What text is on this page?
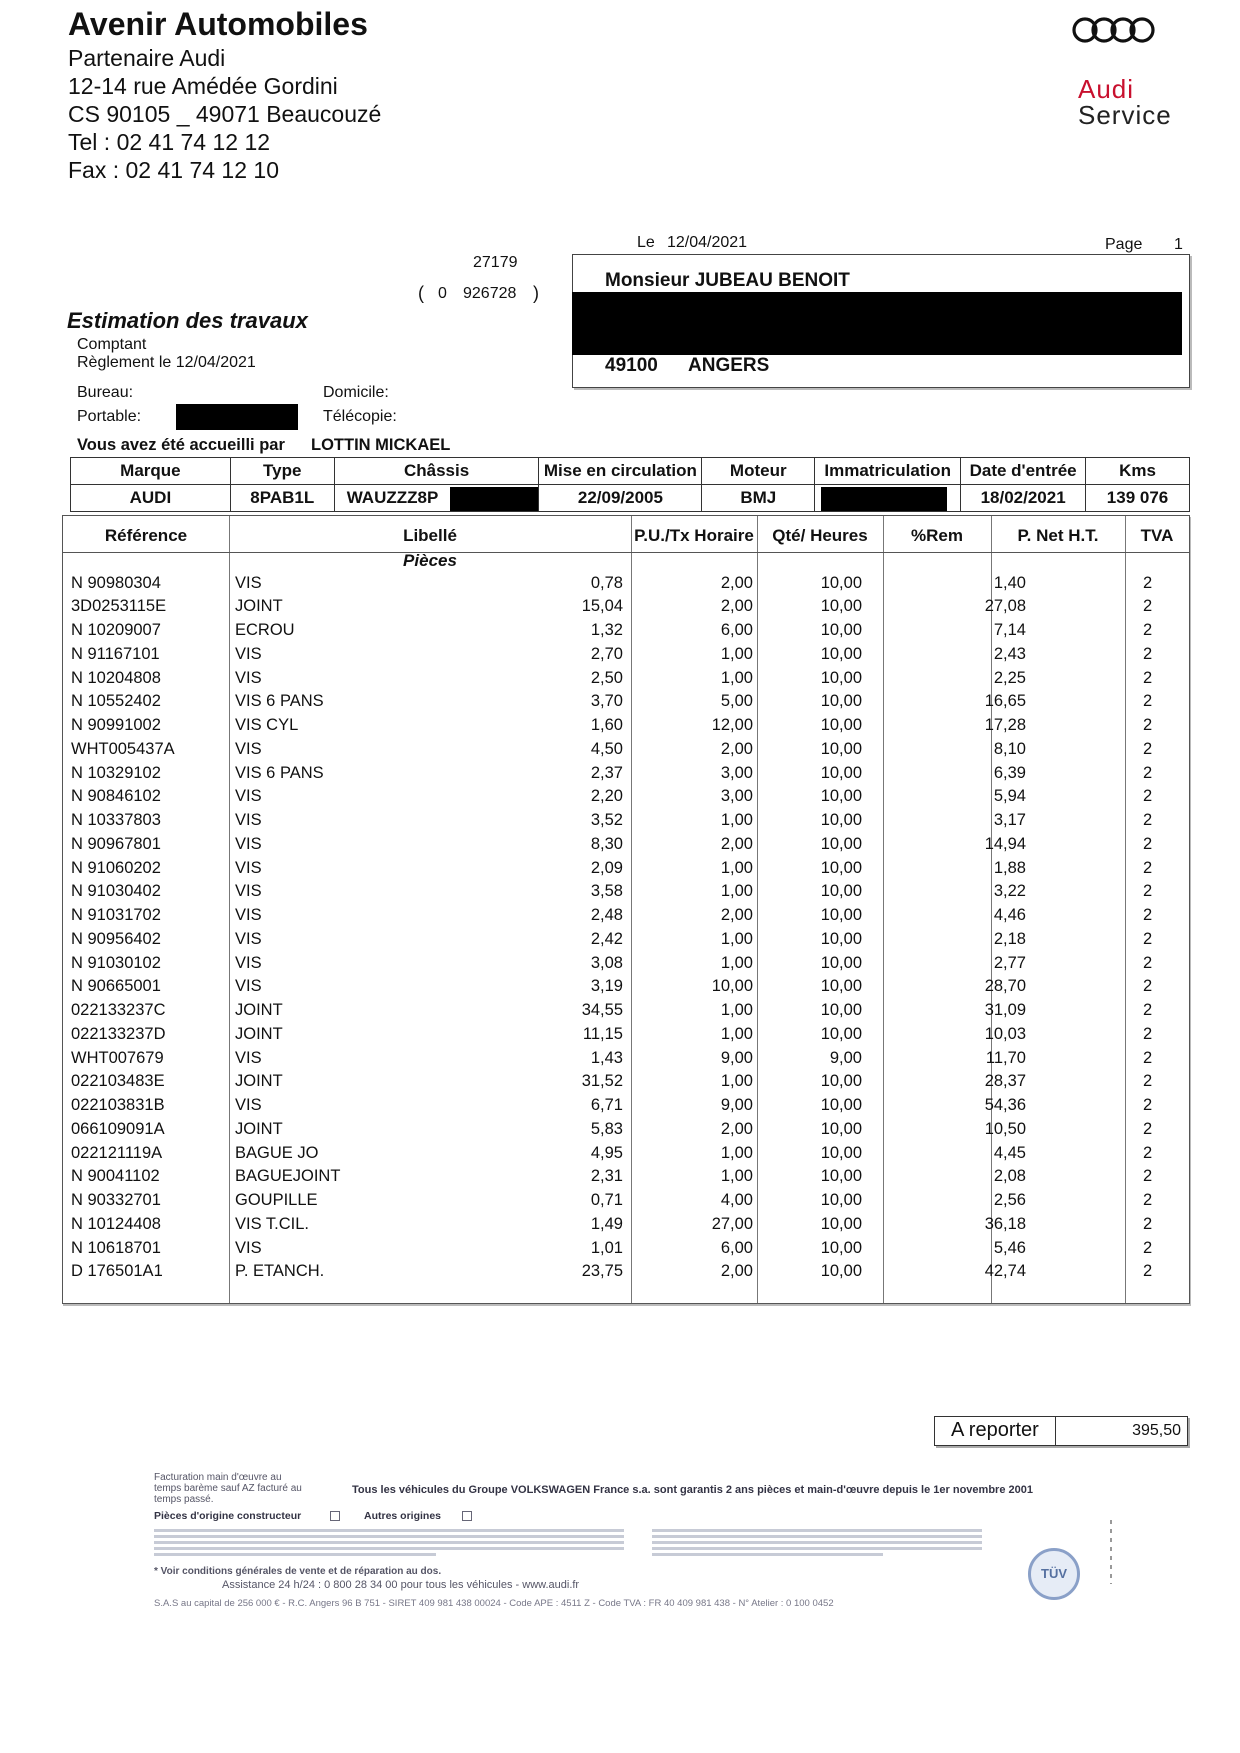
Avenir Automobiles
Partenaire Audi
12-14 rue Amédée Gordini
CS 90105 _ 49071 Beaucouzé
Tel : 02 41 74 12 12
Fax : 02 41 74 12 10
Audi
Service
Le 12/04/2021	Page 1
27179
( 0 926728 )
Monsieur JUBEAU BENOIT
49100 ANGERS
Estimation des travaux
Comptant
Règlement le 12/04/2021
Bureau:
Portable:
Domicile:
Télécopie:
Vous avez été accueilli par LOTTIN MICKAEL
Marque	Type	Châssis	Mise en circulation	Moteur	Immatriculation	Date d'entrée	Kms
AUDI	8PAB1L	WAUZZZ8P	22/09/2005	BMJ		18/02/2021	139 076
Référence	Libellé	P.U./Tx Horaire	Qté/ Heures	%Rem	P. Net H.T.	TVA
Pièces
N 90980304	VIS	0,78	2,00	10,00	1,40	2
3D0253115E	JOINT	15,04	2,00	10,00	27,08	2
N 10209007	ECROU	1,32	6,00	10,00	7,14	2
N 91167101	VIS	2,70	1,00	10,00	2,43	2
N 10204808	VIS	2,50	1,00	10,00	2,25	2
N 10552402	VIS 6 PANS	3,70	5,00	10,00	16,65	2
N 90991002	VIS CYL	1,60	12,00	10,00	17,28	2
WHT005437A	VIS	4,50	2,00	10,00	8,10	2
N 10329102	VIS 6 PANS	2,37	3,00	10,00	6,39	2
N 90846102	VIS	2,20	3,00	10,00	5,94	2
N 10337803	VIS	3,52	1,00	10,00	3,17	2
N 90967801	VIS	8,30	2,00	10,00	14,94	2
N 91060202	VIS	2,09	1,00	10,00	1,88	2
N 91030402	VIS	3,58	1,00	10,00	3,22	2
N 91031702	VIS	2,48	2,00	10,00	4,46	2
N 90956402	VIS	2,42	1,00	10,00	2,18	2
N 91030102	VIS	3,08	1,00	10,00	2,77	2
N 90665001	VIS	3,19	10,00	10,00	28,70	2
022133237C	JOINT	34,55	1,00	10,00	31,09	2
022133237D	JOINT	11,15	1,00	10,00	10,03	2
WHT007679	VIS	1,43	9,00	9,00	11,70	2
022103483E	JOINT	31,52	1,00	10,00	28,37	2
022103831B	VIS	6,71	9,00	10,00	54,36	2
066109091A	JOINT	5,83	2,00	10,00	10,50	2
022121119A	BAGUE JO	4,95	1,00	10,00	4,45	2
N 90041102	BAGUEJOINT	2,31	1,00	10,00	2,08	2
N 90332701	GOUPILLE	0,71	4,00	10,00	2,56	2
N 10124408	VIS T.CIL.	1,49	27,00	10,00	36,18	2
N 10618701	VIS	1,01	6,00	10,00	5,46	2
D 176501A1	P. ETANCH.	23,75	2,00	10,00	42,74	2
A reporter	395,50
Facturation main d'œuvre au temps barème sauf AZ facturé au temps passé.
Tous les véhicules du Groupe VOLKSWAGEN France s.a. sont garantis 2 ans pièces et main-d'œuvre depuis le 1er novembre 2001
Pièces d'origine constructeur	Autres origines
* Voir conditions générales de vente et de réparation au dos.
Assistance 24 h/24 : 0 800 28 34 00 pour tous les véhicules - www.audi.fr
S.A.S au capital de 256 000 € - R.C. Angers 96 B 751 - SIRET 409 981 438 00024 - Code APE : 4511 Z - Code TVA : FR 40 409 981 438 - N° Atelier : 0 100 0452
TÜV
